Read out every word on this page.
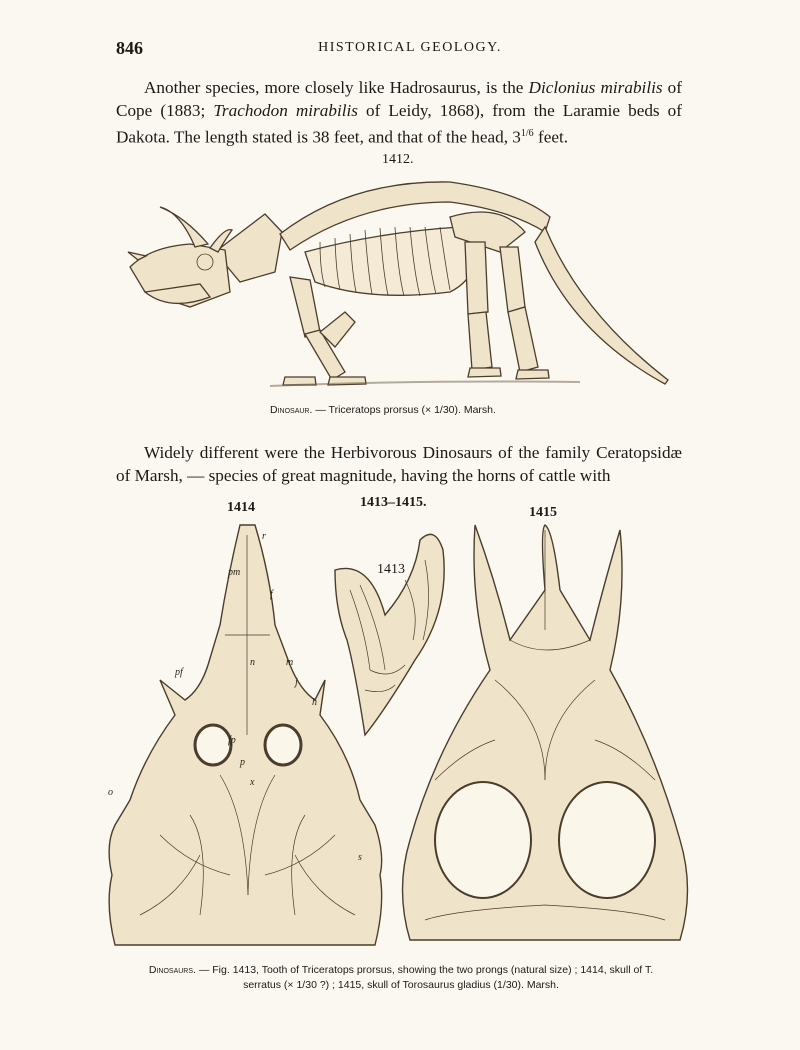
846	HISTORICAL GEOLOGY.
Another species, more closely like Hadrosaurus, is the Diclonius mirabilis of Cope (1883; Trachodon mirabilis of Leidy, 1868), from the Laramie beds of Dakota. The length stated is 38 feet, and that of the head, $3^{1/6}$ feet.
1412.
Dinosaur. — Triceratops prorsus (× 1/30). Marsh.
Widely different were the Herbivorous Dinosaurs of the family Ceratopsidæ of Marsh, — species of great magnitude, having the horns of cattle with
1413–1415.
1414	1415
1413
r
pm
n
f
m
pf
j
h
fp
p
o
s
x
Dinosaurs. — Fig. 1413, Tooth of Triceratops prorsus, showing the two prongs (natural size) ; 1414, skull of T.
serratus (× 1/30 ?) ; 1415, skull of Torosaurus gladius (1/30). Marsh.
